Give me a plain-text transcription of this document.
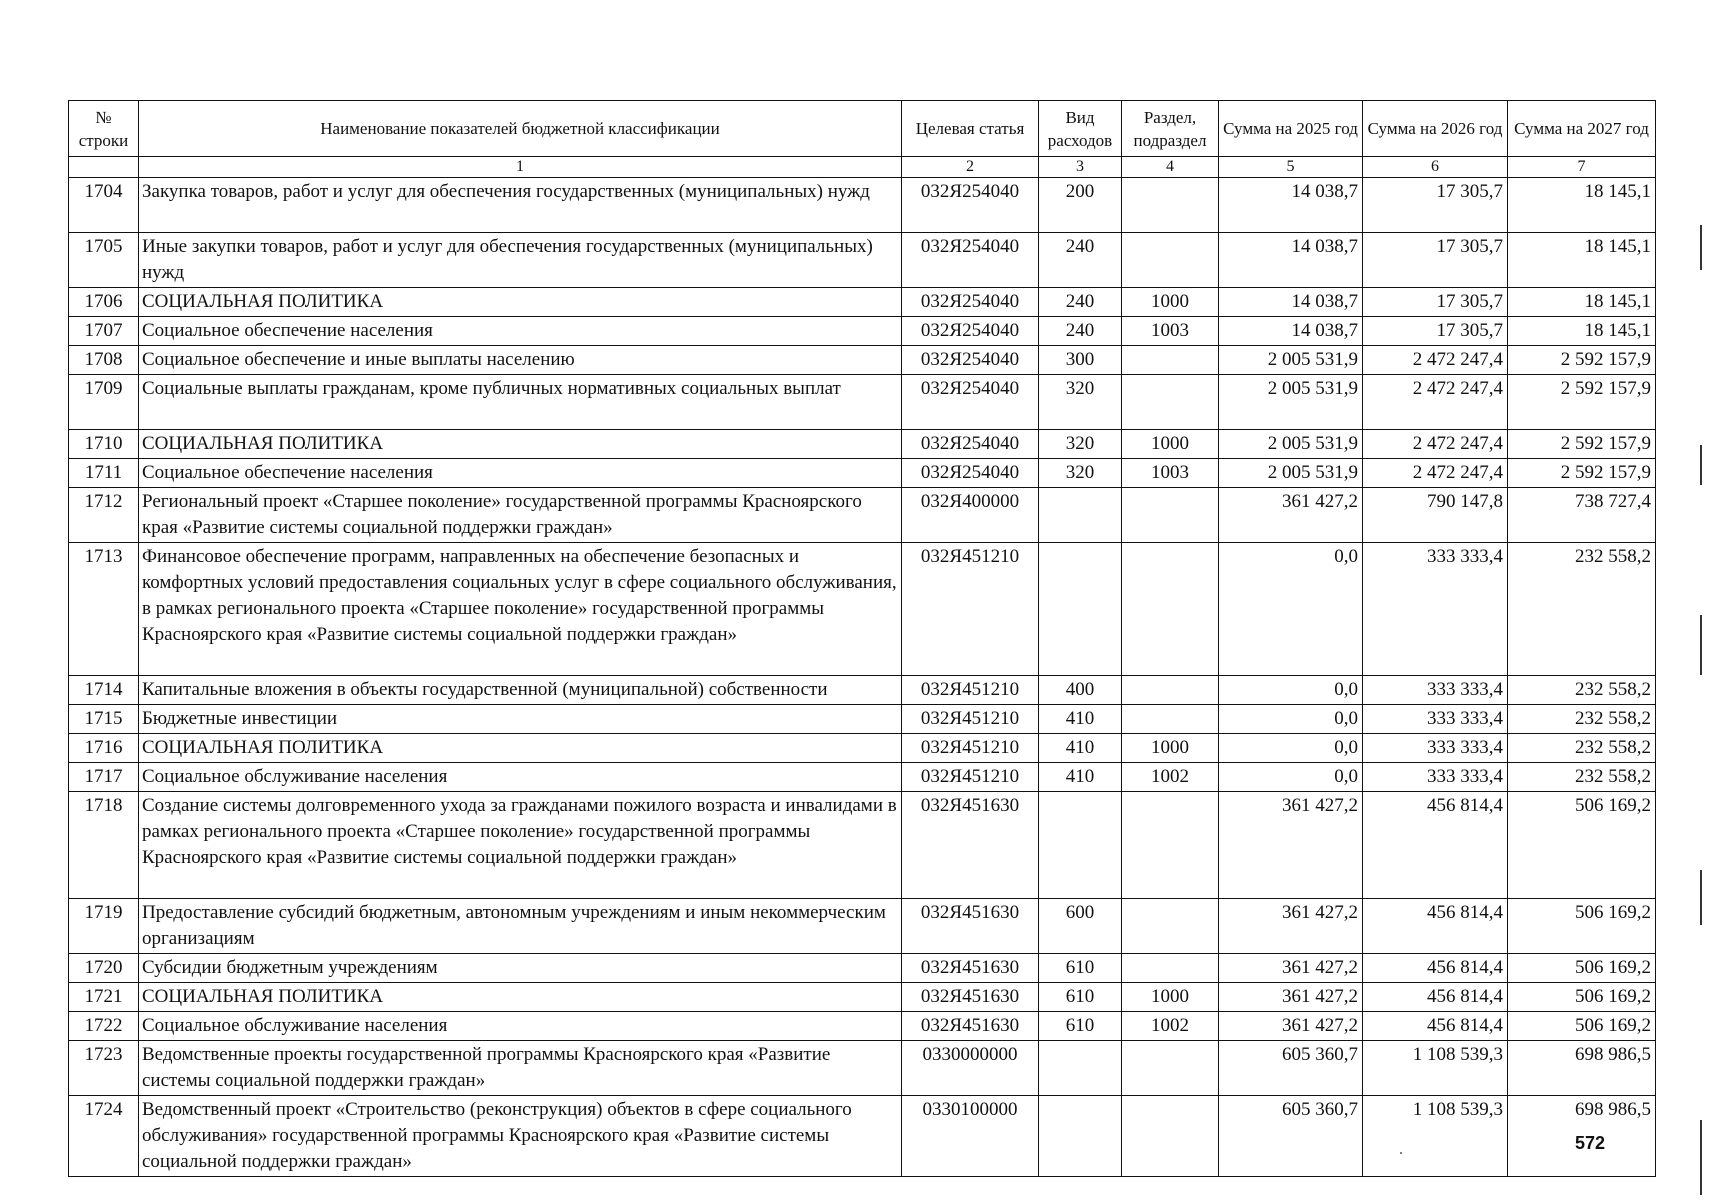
№ строки	Наименование показателей бюджетной классификации	Целевая статья	Вид расходов	Раздел, подраздел	Сумма на 2025 год	Сумма на 2026 год	Сумма на 2027 год
	1	2	3	4	5	6	7
1704	Закупка товаров, работ и услуг для обеспечения государственных (муниципальных) нужд	032Я254040	200		14 038,7	17 305,7	18 145,1
1705	Иные закупки товаров, работ и услуг для обеспечения государственных (муниципальных) нужд	032Я254040	240		14 038,7	17 305,7	18 145,1
1706	СОЦИАЛЬНАЯ ПОЛИТИКА	032Я254040	240	1000	14 038,7	17 305,7	18 145,1
1707	Социальное обеспечение населения	032Я254040	240	1003	14 038,7	17 305,7	18 145,1
1708	Социальное обеспечение и иные выплаты населению	032Я254040	300		2 005 531,9	2 472 247,4	2 592 157,9
1709	Социальные выплаты гражданам, кроме публичных нормативных социальных выплат	032Я254040	320		2 005 531,9	2 472 247,4	2 592 157,9
1710	СОЦИАЛЬНАЯ ПОЛИТИКА	032Я254040	320	1000	2 005 531,9	2 472 247,4	2 592 157,9
1711	Социальное обеспечение населения	032Я254040	320	1003	2 005 531,9	2 472 247,4	2 592 157,9
1712	Региональный проект «Старшее поколение» государственной программы Красноярского края «Развитие системы социальной поддержки граждан»	032Я400000			361 427,2	790 147,8	738 727,4
1713	Финансовое обеспечение программ, направленных на обеспечение безопасных и комфортных условий предоставления социальных услуг в сфере социального обслуживания, в рамках регионального проекта «Старшее поколение» государственной программы Красноярского края «Развитие системы социальной поддержки граждан»	032Я451210			0,0	333 333,4	232 558,2
1714	Капитальные вложения в объекты государственной (муниципальной) собственности	032Я451210	400		0,0	333 333,4	232 558,2
1715	Бюджетные инвестиции	032Я451210	410		0,0	333 333,4	232 558,2
1716	СОЦИАЛЬНАЯ ПОЛИТИКА	032Я451210	410	1000	0,0	333 333,4	232 558,2
1717	Социальное обслуживание населения	032Я451210	410	1002	0,0	333 333,4	232 558,2
1718	Создание системы долговременного ухода за гражданами пожилого возраста и инвалидами в рамках регионального проекта «Старшее поколение» государственной программы Красноярского края «Развитие системы социальной поддержки граждан»	032Я451630			361 427,2	456 814,4	506 169,2
1719	Предоставление субсидий бюджетным, автономным учреждениям и иным некоммерческим организациям	032Я451630	600		361 427,2	456 814,4	506 169,2
1720	Субсидии бюджетным учреждениям	032Я451630	610		361 427,2	456 814,4	506 169,2
1721	СОЦИАЛЬНАЯ ПОЛИТИКА	032Я451630	610	1000	361 427,2	456 814,4	506 169,2
1722	Социальное обслуживание населения	032Я451630	610	1002	361 427,2	456 814,4	506 169,2
1723	Ведомственные проекты государственной программы Красноярского края «Развитие системы социальной поддержки граждан»	0330000000			605 360,7	1 108 539,3	698 986,5
1724	Ведомственный проект «Строительство (реконструкция) объектов в сфере социального обслуживания» государственной программы Красноярского края «Развитие системы социальной поддержки граждан»	0330100000			605 360,7	1 108 539,3	698 986,5
572
